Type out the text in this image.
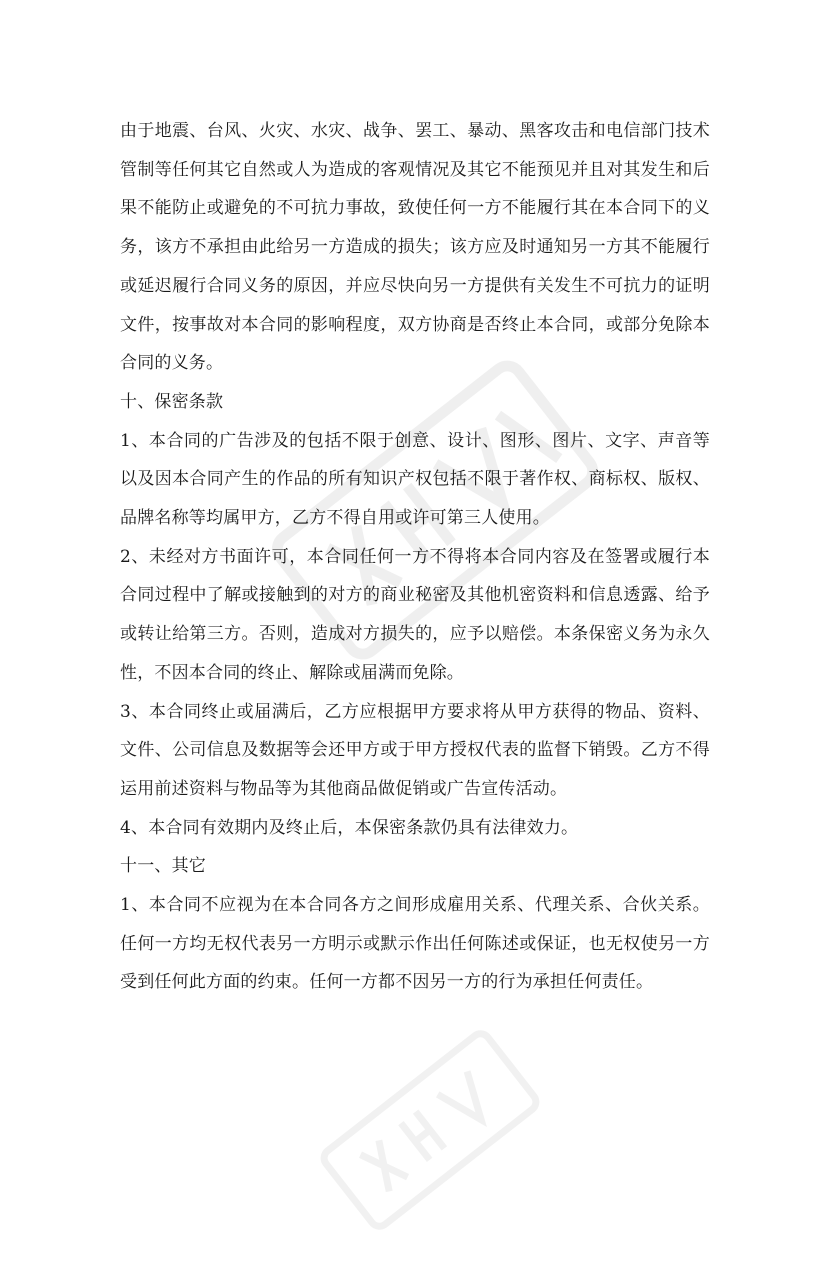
由于地震、台风、火灾、水灾、战争、罢工、暴动、黑客攻击和电信部门技术管制等任何其它自然或人为造成的客观情况及其它不能预见并且对其发生和后果不能防止或避免的不可抗力事故，致使任何一方不能履行其在本合同下的义务，该方不承担由此给另一方造成的损失；该方应及时通知另一方其不能履行或延迟履行合同义务的原因，并应尽快向另一方提供有关发生不可抗力的证明文件，按事故对本合同的影响程度，双方协商是否终止本合同，或部分免除本合同的义务。

十、保密条款

1、本合同的广告涉及的包括不限于创意、设计、图形、图片、文字、声音等以及因本合同产生的作品的所有知识产权包括不限于著作权、商标权、版权、品牌名称等均属甲方，乙方不得自用或许可第三人使用。

2、未经对方书面许可，本合同任何一方不得将本合同内容及在签署或履行本合同过程中了解或接触到的对方的商业秘密及其他机密资料和信息透露、给予或转让给第三方。否则，造成对方损失的，应予以赔偿。本条保密义务为永久性，不因本合同的终止、解除或届满而免除。

3、本合同终止或届满后，乙方应根据甲方要求将从甲方获得的物品、资料、文件、公司信息及数据等会还甲方或于甲方授权代表的监督下销毁。乙方不得运用前述资料与物品等为其他商品做促销或广告宣传活动。

4、本合同有效期内及终止后，本保密条款仍具有法律效力。

十一、其它

1、本合同不应视为在本合同各方之间形成雇用关系、代理关系、合伙关系。任何一方均无权代表另一方明示或默示作出任何陈述或保证，也无权使另一方受到任何此方面的约束。任何一方都不因另一方的行为承担任何责任。
